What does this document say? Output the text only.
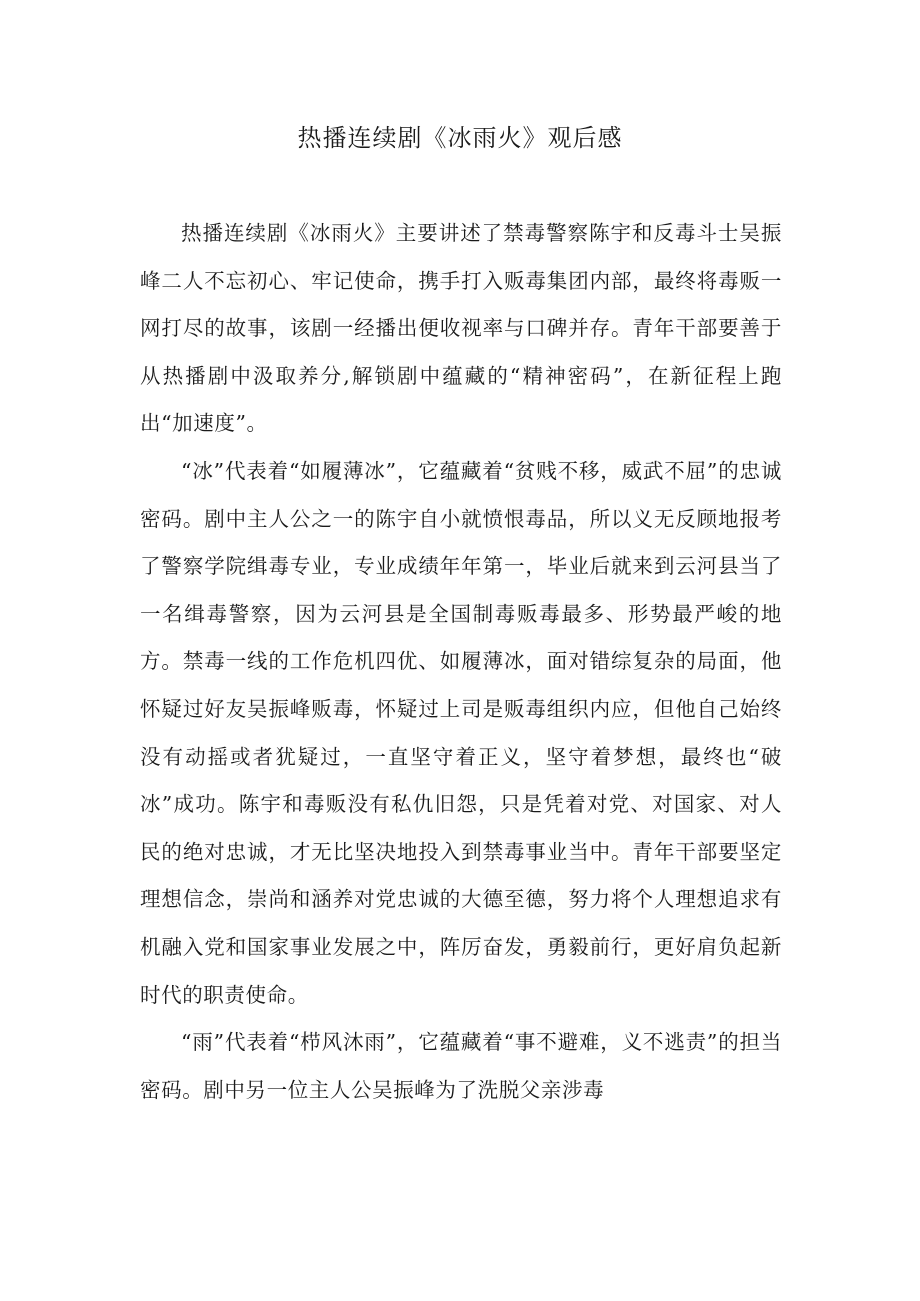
热播连续剧《冰雨火》观后感

热播连续剧《冰雨火》主要讲述了禁毒警察陈宇和反毒斗士吴振峰二人不忘初心、牢记使命，携手打入贩毒集团内部，最终将毒贩一网打尽的故事，该剧一经播出便收视率与口碑并存。青年干部要善于从热播剧中汲取养分,解锁剧中蕴藏的“精神密码”，在新征程上跑出“加速度”。

“冰”代表着“如履薄冰”，它蕴藏着“贫贱不移，威武不屈”的忠诚密码。剧中主人公之一的陈宇自小就愤恨毒品，所以义无反顾地报考了警察学院缉毒专业，专业成绩年年第一，毕业后就来到云河县当了一名缉毒警察，因为云河县是全国制毒贩毒最多、形势最严峻的地方。禁毒一线的工作危机四优、如履薄冰，面对错综复杂的局面，他怀疑过好友吴振峰贩毒，怀疑过上司是贩毒组织内应，但他自己始终没有动摇或者犹疑过，一直坚守着正义，坚守着梦想，最终也“破冰”成功。陈宇和毒贩没有私仇旧怨，只是凭着对党、对国家、对人民的绝对忠诚，才无比坚决地投入到禁毒事业当中。青年干部要坚定理想信念，崇尚和涵养对党忠诚的大德至德，努力将个人理想追求有机融入党和国家事业发展之中，阵厉奋发，勇毅前行，更好肩负起新时代的职责使命。

“雨”代表着“栉风沐雨”，它蕴藏着“事不避难，义不逃责”的担当密码。剧中另一位主人公吴振峰为了洗脱父亲涉毒
